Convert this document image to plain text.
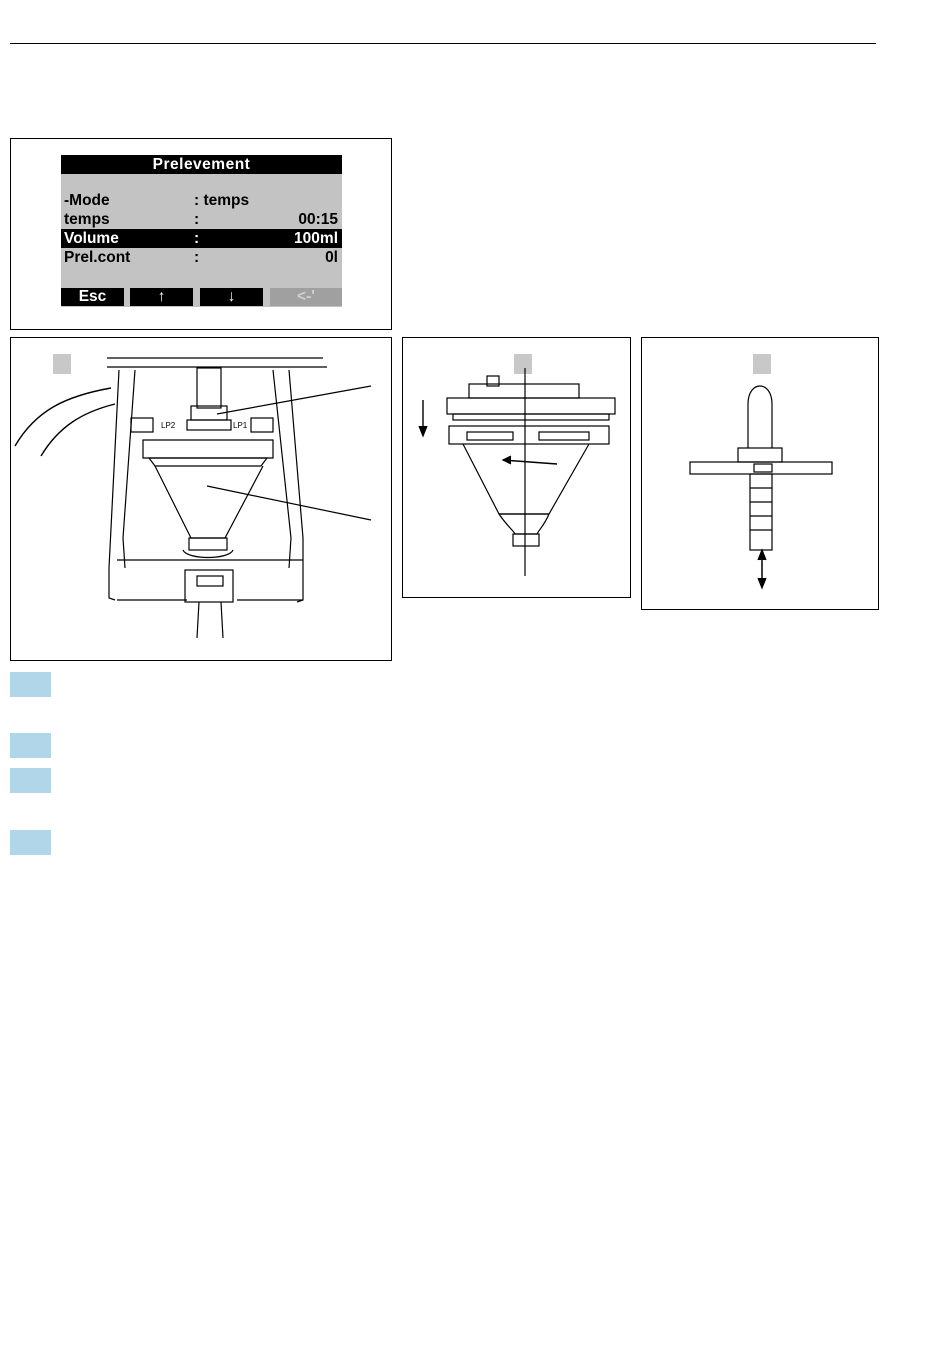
Prelevement
-Mode	: temps
temps	:	00:15
Volume	:	100ml
Prel.cont	:	0l
Esc	↑	↓	<-'
LP2	LP1
